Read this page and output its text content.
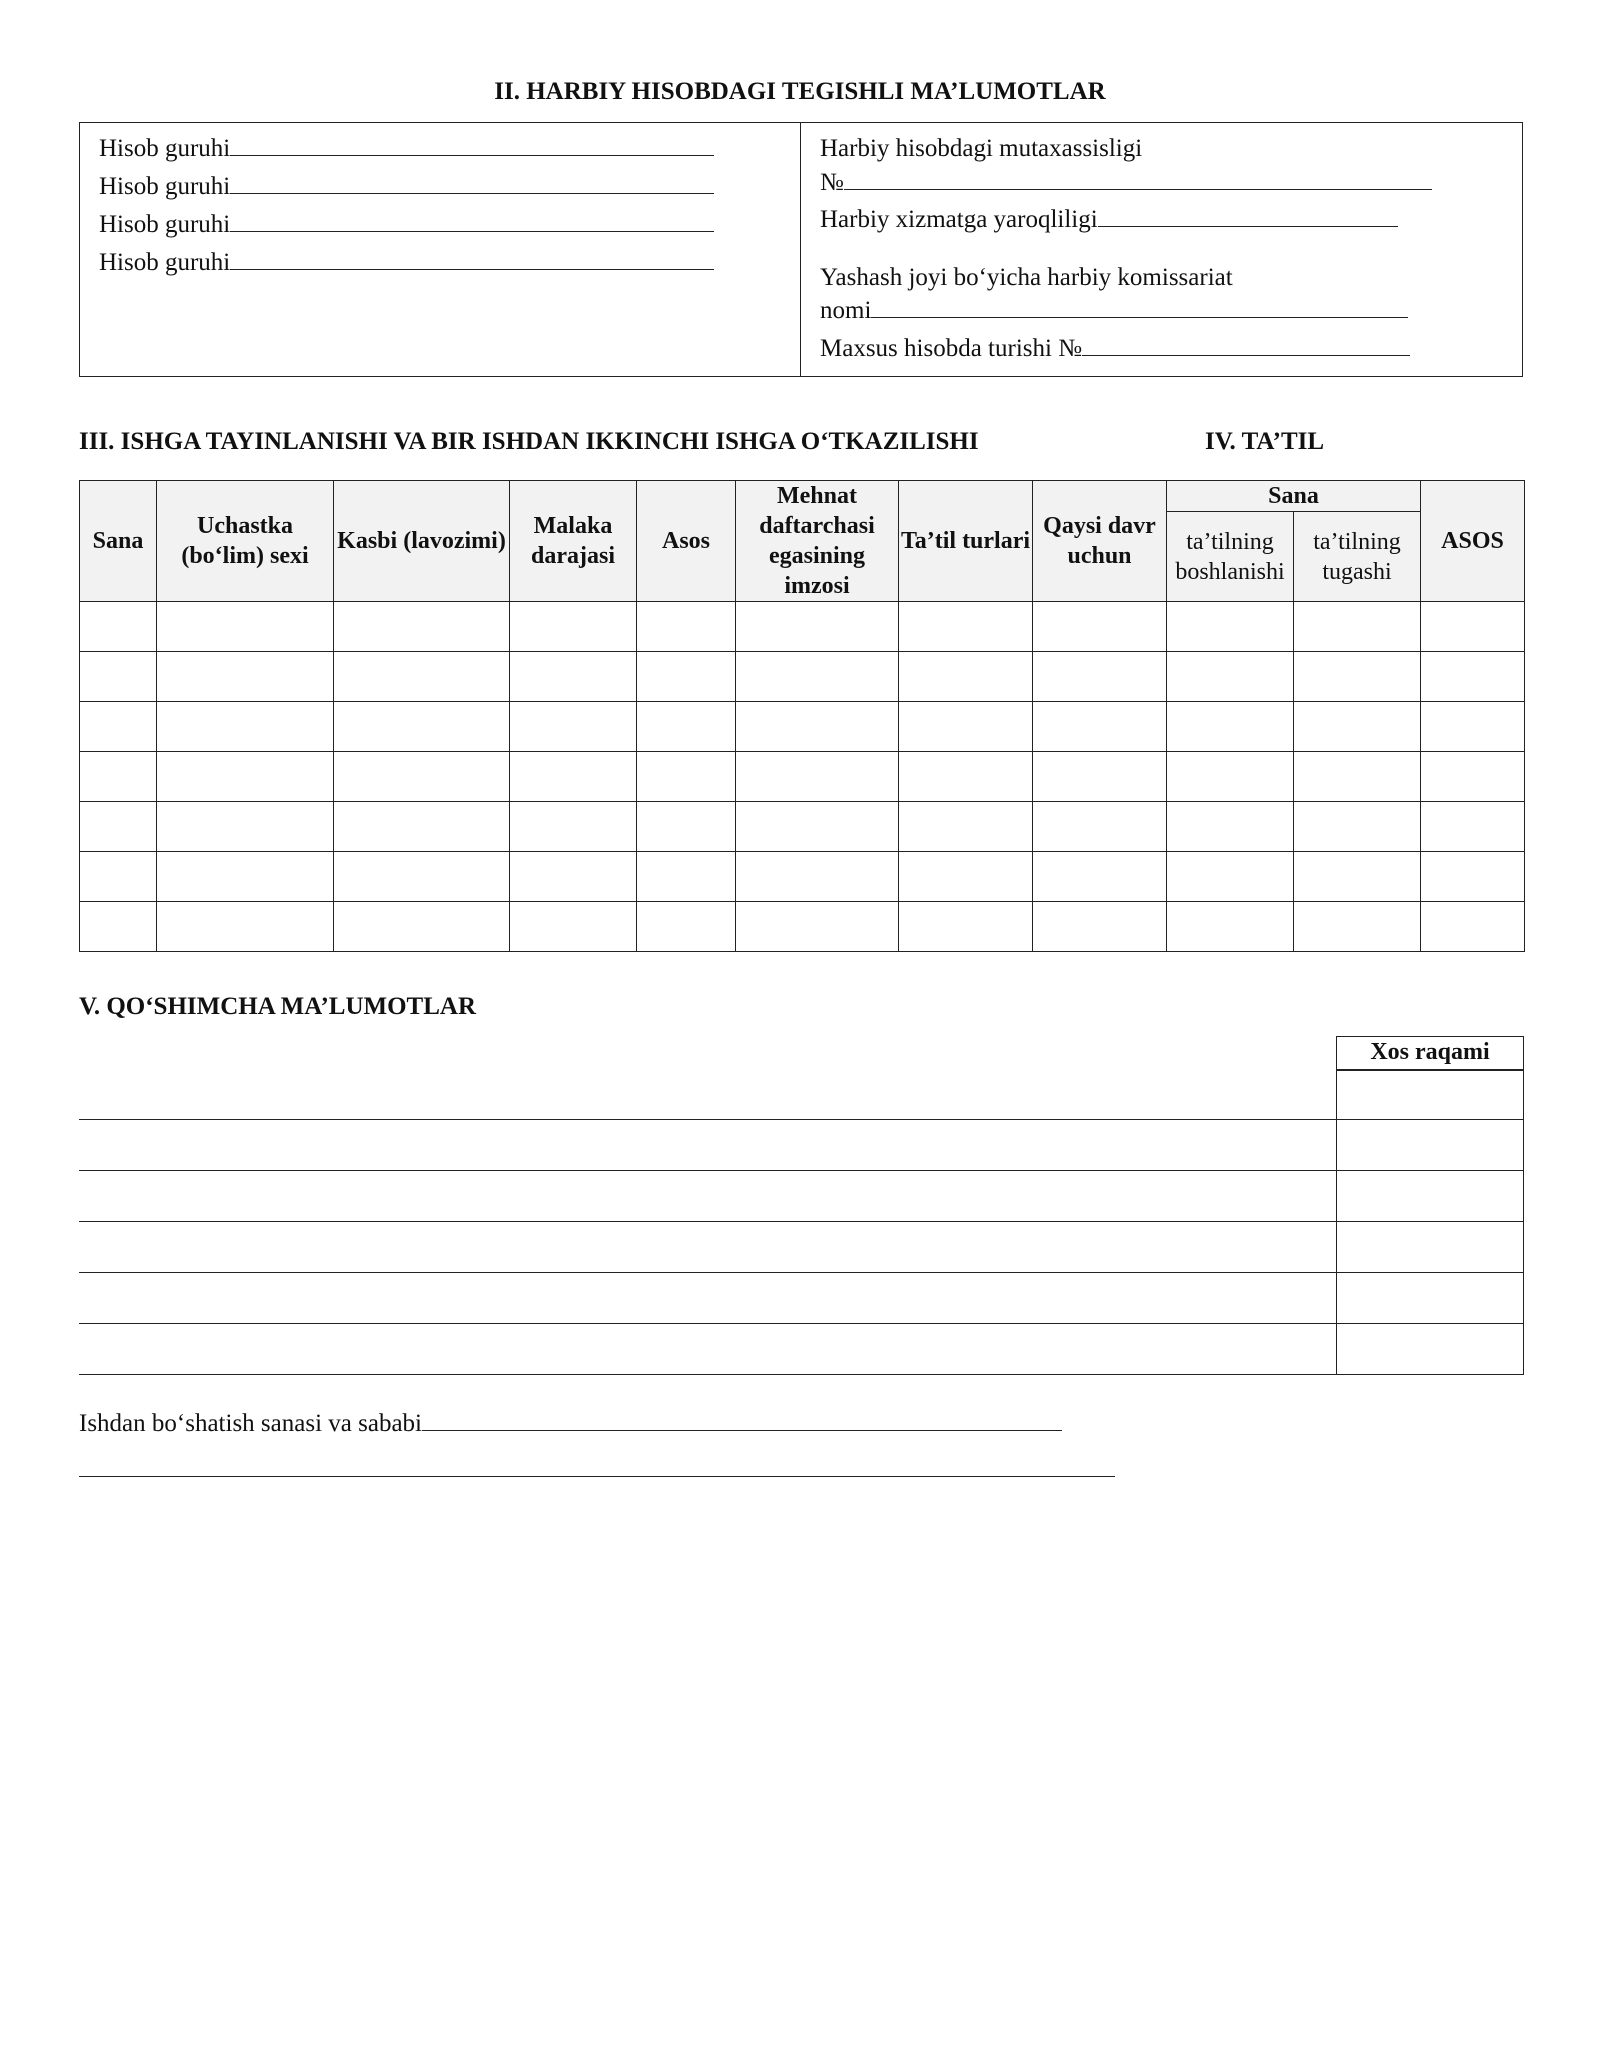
II. HARBIY HISOBDAGI TEGISHLI MA’LUMOTLAR
Hisob guruhi
Hisob guruhi
Hisob guruhi
Hisob guruhi
Harbiy hisobdagi mutaxassisligi
№
Harbiy xizmatga yaroqliligi
Yashash joyi bo‘yicha harbiy komissariat
nomi
Maxsus hisobda turishi №
III. ISHGA TAYINLANISHI VA BIR ISHDAN IKKINCHI ISHGA O‘TKAZILISHI	IV. TA’TIL
Sana	Uchastka (bo‘lim) sexi	Kasbi (lavozimi)	Malaka darajasi	Asos	Mehnat daftarchasi egasining imzosi	Ta’til turlari	Qaysi davr uchun	Sana		ASOS
								ta’tilning boshlanishi	ta’tilning tugashi	

V. QO‘SHIMCHA MA’LUMOTLAR
Xos raqami
Ishdan bo‘shatish sanasi va sababi
